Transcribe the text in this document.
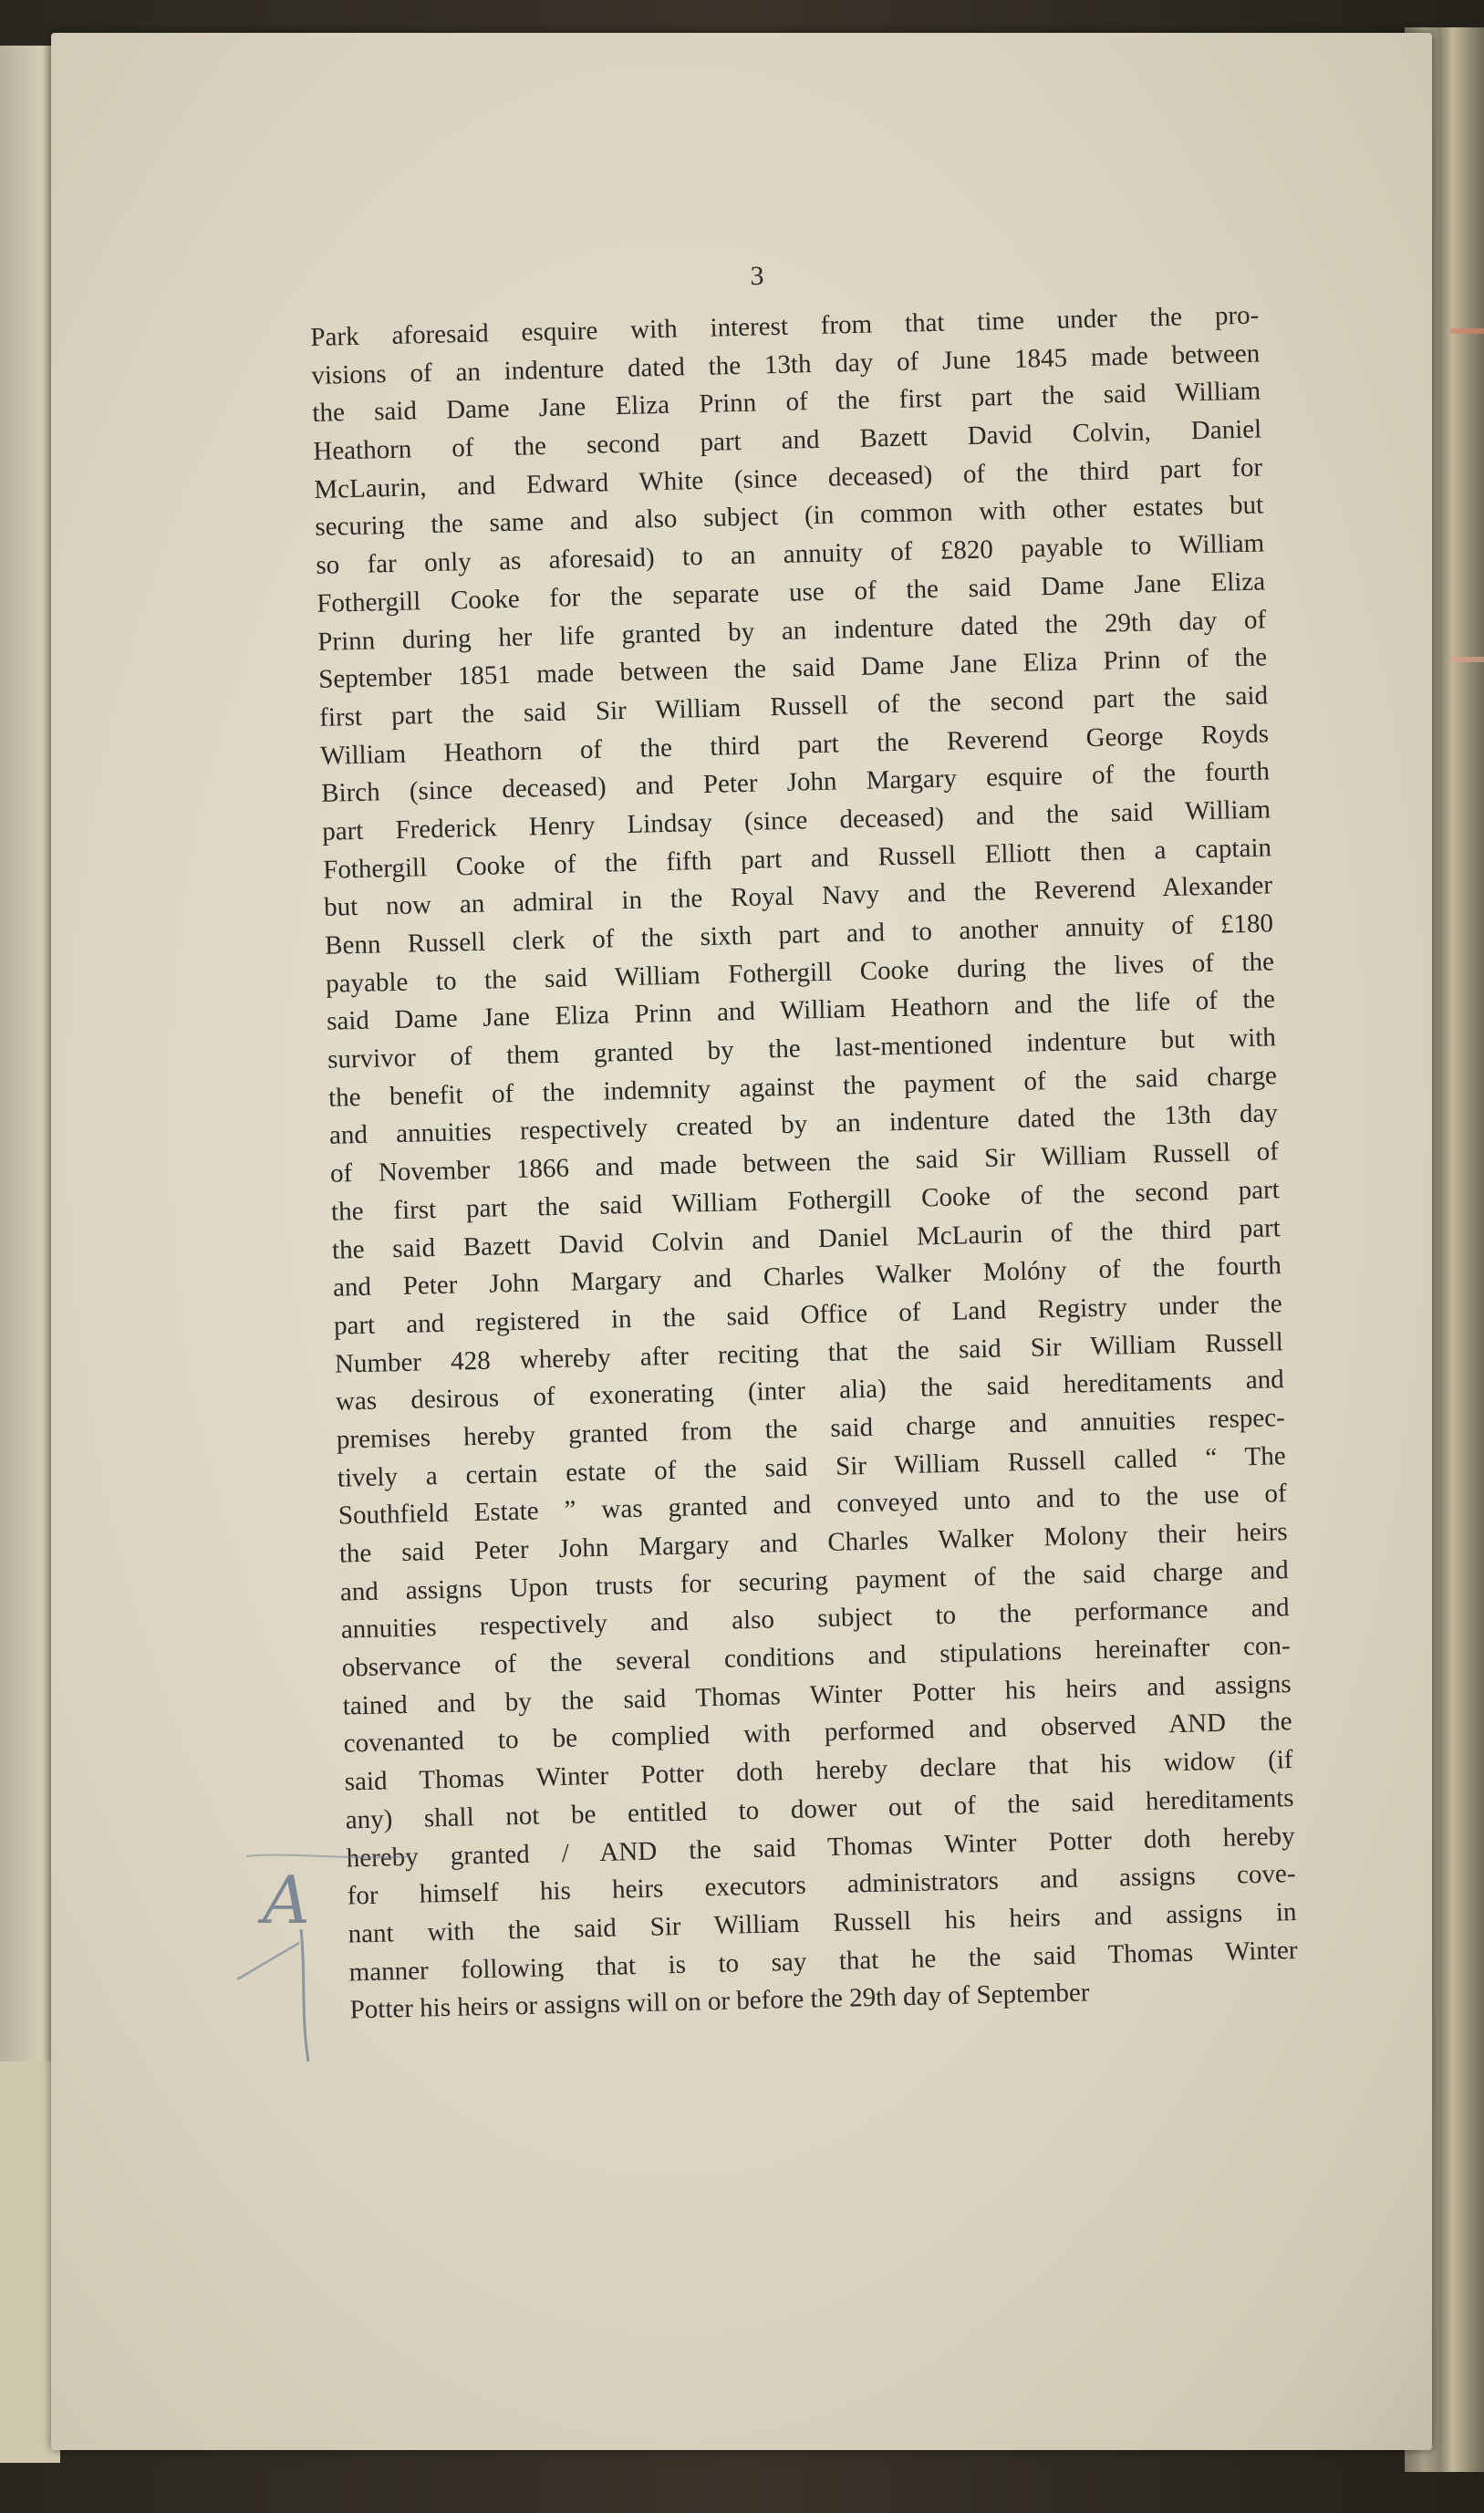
3
Park aforesaid esquire with interest from that time under the pro-
visions of an indenture dated the 13th day of June 1845 made between
the said Dame Jane Eliza Prinn of the first part the said William
Heathorn of the second part and Bazett David Colvin, Daniel
McLaurin, and Edward White (since deceased) of the third part for
securing the same and also subject (in common with other estates but
so far only as aforesaid) to an annuity of £820 payable to William
Fothergill Cooke for the separate use of the said Dame Jane Eliza
Prinn during her life granted by an indenture dated the 29th day of
September 1851 made between the said Dame Jane Eliza Prinn of the
first part the said Sir William Russell of the second part the said
William Heathorn of the third part the Reverend George Royds
Birch (since deceased) and Peter John Margary esquire of the fourth
part Frederick Henry Lindsay (since deceased) and the said William
Fothergill Cooke of the fifth part and Russell Elliott then a captain
but now an admiral in the Royal Navy and the Reverend Alexander
Benn Russell clerk of the sixth part and to another annuity of £180
payable to the said William Fothergill Cooke during the lives of the
said Dame Jane Eliza Prinn and William Heathorn and the life of the
survivor of them granted by the last-mentioned indenture but with
the benefit of the indemnity against the payment of the said charge
and annuities respectively created by an indenture dated the 13th day
of November 1866 and made between the said Sir William Russell of
the first part the said William Fothergill Cooke of the second part
the said Bazett David Colvin and Daniel McLaurin of the third part
and Peter John Margary and Charles Walker Molóny of the fourth
part and registered in the said Office of Land Registry under the
Number 428 whereby after reciting that the said Sir William Russell
was desirous of exonerating (inter alia) the said hereditaments and
premises hereby granted from the said charge and annuities respec-
tively a certain estate of the said Sir William Russell called “ The
Southfield Estate ” was granted and conveyed unto and to the use of
the said Peter John Margary and Charles Walker Molony their heirs
and assigns Upon trusts for securing payment of the said charge and
annuities respectively and also subject to the performance and
observance of the several conditions and stipulations hereinafter con-
tained and by the said Thomas Winter Potter his heirs and assigns
covenanted to be complied with performed and observed AND the
said Thomas Winter Potter doth hereby declare that his widow (if
any) shall not be entitled to dower out of the said hereditaments
hereby granted / AND the said Thomas Winter Potter doth hereby
for himself his heirs executors administrators and assigns cove-
nant with the said Sir William Russell his heirs and assigns in
manner following that is to say that he the said Thomas Winter
Potter his heirs or assigns will on or before the 29th day of September
A
